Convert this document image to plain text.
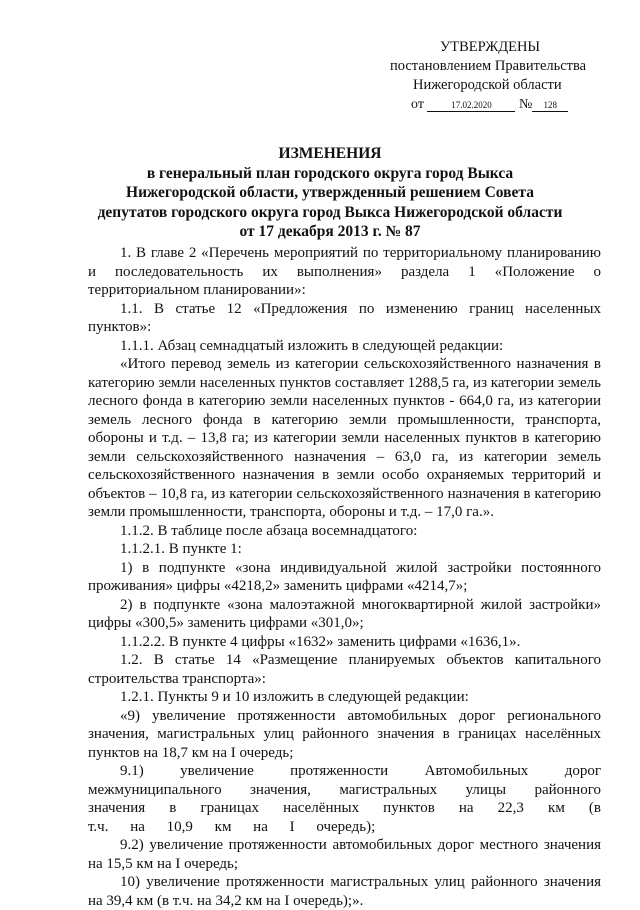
УТВЕРЖДЕНЫ
постановлением Правительства
Нижегородской области
от	17.02.2020 № 128
ИЗМЕНЕНИЯ
в генеральный план городского округа город Выкса
Нижегородской области, утвержденный решением Совета
депутатов городского округа город Выкса Нижегородской области
от 17 декабря 2013 г. № 87

1. В главе 2 «Перечень мероприятий по территориальному планированию и последовательность их выполнения» раздела 1 «Положение о территориальном планировании»:

1.1. В статье 12 «Предложения по изменению границ населенных пунктов»:

1.1.1. Абзац семнадцатый изложить в следующей редакции:

«Итого перевод земель из категории сельскохозяйственного назначения в категорию земли населенных пунктов составляет 1288,5 га, из категории земель лесного фонда в категорию земли населенных пунктов - 664,0 га, из категории земель лесного фонда в категорию земли промышленности, транспорта, обороны и т.д. – 13,8 га; из категории земли населенных пунктов в категорию земли сельскохозяйственного назначения – 63,0 га, из категории земель сельскохозяйственного назначения в земли особо охраняемых территорий и объектов – 10,8 га, из категории сельскохозяйственного назначения в категорию земли промышленности, транспорта, обороны и т.д. – 17,0 га.».

1.1.2. В таблице после абзаца восемнадцатого:

1.1.2.1. В пункте 1:

1) в подпункте «зона индивидуальной жилой застройки постоянного проживания» цифры «4218,2» заменить цифрами «4214,7»;

2) в подпункте «зона малоэтажной многоквартирной жилой застройки» цифры «300,5» заменить цифрами «301,0»;

1.1.2.2. В пункте 4 цифры «1632» заменить цифрами «1636,1».

1.2. В статье 14 «Размещение планируемых объектов капитального строительства транспорта»:

1.2.1. Пункты 9 и 10 изложить в следующей редакции:

«9) увеличение протяженности автомобильных дорог регионального значения, магистральных улиц районного значения в границах населённых пунктов на 18,7 км на I очередь;

9.1) увеличение протяженности Автомобильных дорог межмуниципального значения, магистральных улицы районного значения в границах населённых пунктов на 22,3 км (в т.ч. на 10,9 км на I очередь);

9.2) увеличение протяженности автомобильных дорог местного значения на 15,5 км на I очередь;

10) увеличение протяженности магистральных улиц районного значения на 39,4 км (в т.ч. на 34,2 км на I очередь);».
